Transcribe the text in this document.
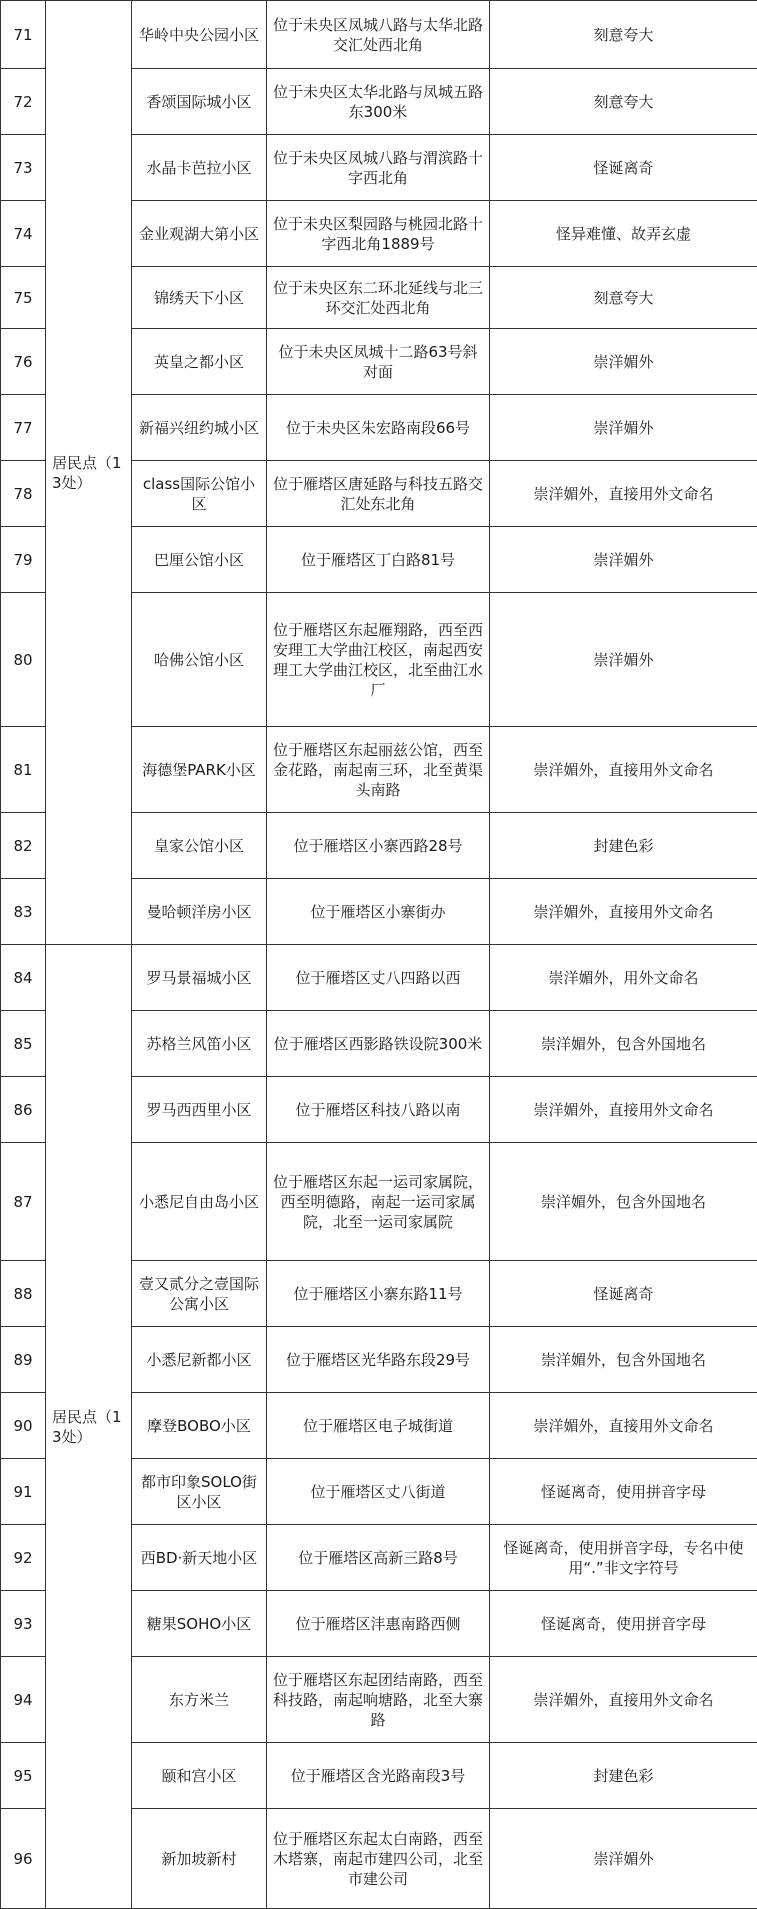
71	居民点（13处）	华岭中央公园小区	位于未央区凤城八路与太华北路交汇处西北角	刻意夸大
72		香颂国际城小区	位于未央区太华北路与凤城五路东300米	刻意夸大
73		水晶卡芭拉小区	位于未央区凤城八路与渭滨路十字西北角	怪诞离奇
74		金业观湖大第小区	位于未央区梨园路与桃园北路十字西北角1889号	怪异难懂、故弄玄虚
75		锦绣天下小区	位于未央区东二环北延线与北三环交汇处西北角	刻意夸大
76		英皇之都小区	位于未央区凤城十二路63号斜对面	崇洋媚外
77		新福兴纽约城小区	位于未央区朱宏路南段66号	崇洋媚外
78		class国际公馆小区	位于雁塔区唐延路与科技五路交汇处东北角	崇洋媚外，直接用外文命名
79		巴厘公馆小区	位于雁塔区丁白路81号	崇洋媚外
80		哈佛公馆小区	位于雁塔区东起雁翔路，西至西安理工大学曲江校区，南起西安理工大学曲江校区，北至曲江水厂	崇洋媚外
81		海德堡PARK小区	位于雁塔区东起丽兹公馆，西至金花路，南起南三环，北至黄渠头南路	崇洋媚外，直接用外文命名
82		皇家公馆小区	位于雁塔区小寨西路28号	封建色彩
83		曼哈顿洋房小区	位于雁塔区小寨街办	崇洋媚外，直接用外文命名
84	居民点（13处）	罗马景福城小区	位于雁塔区丈八四路以西	崇洋媚外，用外文命名
85		苏格兰风笛小区	位于雁塔区西影路铁设院300米	崇洋媚外，包含外国地名
86		罗马西西里小区	位于雁塔区科技八路以南	崇洋媚外，直接用外文命名
87		小悉尼自由岛小区	位于雁塔区东起一运司家属院，西至明德路，南起一运司家属院，北至一运司家属院	崇洋媚外，包含外国地名
88		壹又贰分之壹国际公寓小区	位于雁塔区小寨东路11号	怪诞离奇
89		小悉尼新都小区	位于雁塔区光华路东段29号	崇洋媚外，包含外国地名
90		摩登BOBO小区	位于雁塔区电子城街道	崇洋媚外，直接用外文命名
91		都市印象SOLO街区小区	位于雁塔区丈八街道	怪诞离奇，使用拼音字母
92		西BD·新天地小区	位于雁塔区高新三路8号	怪诞离奇，使用拼音字母，专名中使用“.”非文字符号
93		糖果SOHO小区	位于雁塔区沣惠南路西侧	怪诞离奇，使用拼音字母
94		东方米兰	位于雁塔区东起团结南路，西至科技路，南起响塘路，北至大寨路	崇洋媚外，直接用外文命名
95		颐和宫小区	位于雁塔区含光路南段3号	封建色彩
96		新加坡新村	位于雁塔区东起太白南路，西至木塔寨，南起市建四公司，北至市建公司	崇洋媚外
